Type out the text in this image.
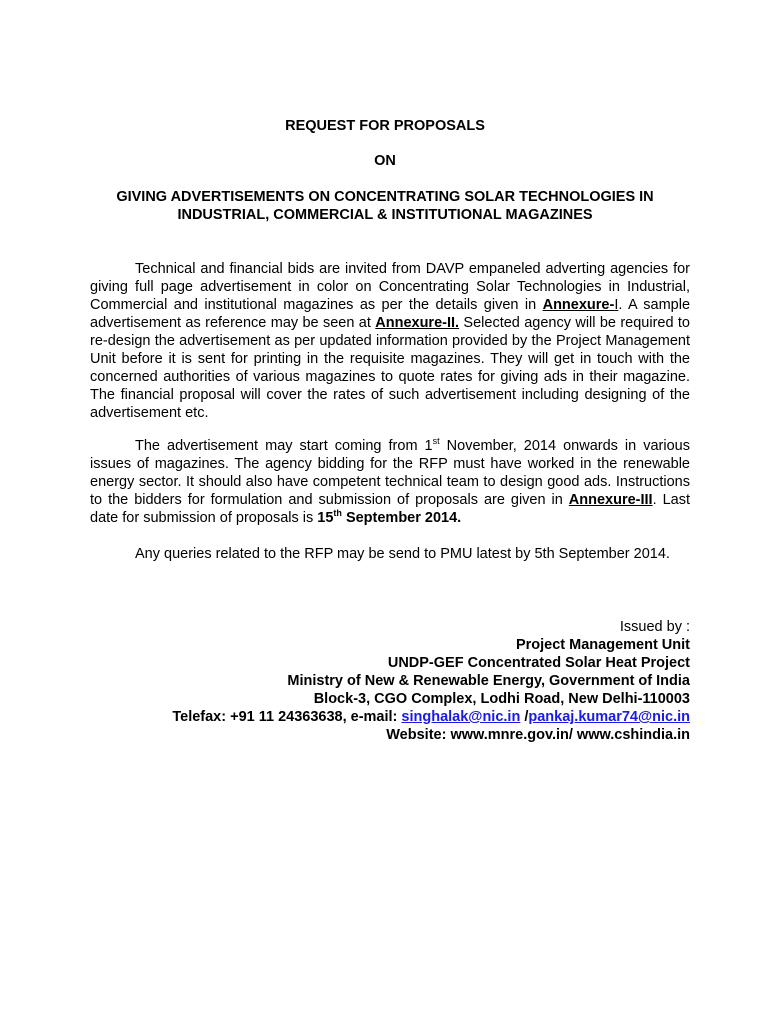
REQUEST FOR PROPOSALS
ON
GIVING ADVERTISEMENTS ON CONCENTRATING SOLAR TECHNOLOGIES IN
INDUSTRIAL, COMMERCIAL & INSTITUTIONAL MAGAZINES

Technical and financial bids are invited from DAVP empaneled adverting agencies for giving full page advertisement in color on Concentrating Solar Technologies in Industrial, Commercial and institutional magazines as per the details given in Annexure-I. A sample advertisement as reference may be seen at Annexure-II. Selected agency will be required to re-design the advertisement as per updated information provided by the Project Management Unit before it is sent for printing in the requisite magazines. They will get in touch with the concerned authorities of various magazines to quote rates for giving ads in their magazine. The financial proposal will cover the rates of such advertisement including designing of the advertisement etc.

The advertisement may start coming from 1st November, 2014 onwards in various issues of magazines. The agency bidding for the RFP must have worked in the renewable energy sector. It should also have competent technical team to design good ads. Instructions to the bidders for formulation and submission of proposals are given in Annexure-III. Last date for submission of proposals is 15th September 2014.

Any queries related to the RFP may be send to PMU latest by 5th September 2014.

Issued by :
Project Management Unit
UNDP-GEF Concentrated Solar Heat Project
Ministry of New & Renewable Energy, Government of India
Block-3, CGO Complex, Lodhi Road, New Delhi-110003
Telefax: +91 11 24363638, e-mail: singhalak@nic.in /pankaj.kumar74@nic.in
Website: www.mnre.gov.in/ www.cshindia.in
